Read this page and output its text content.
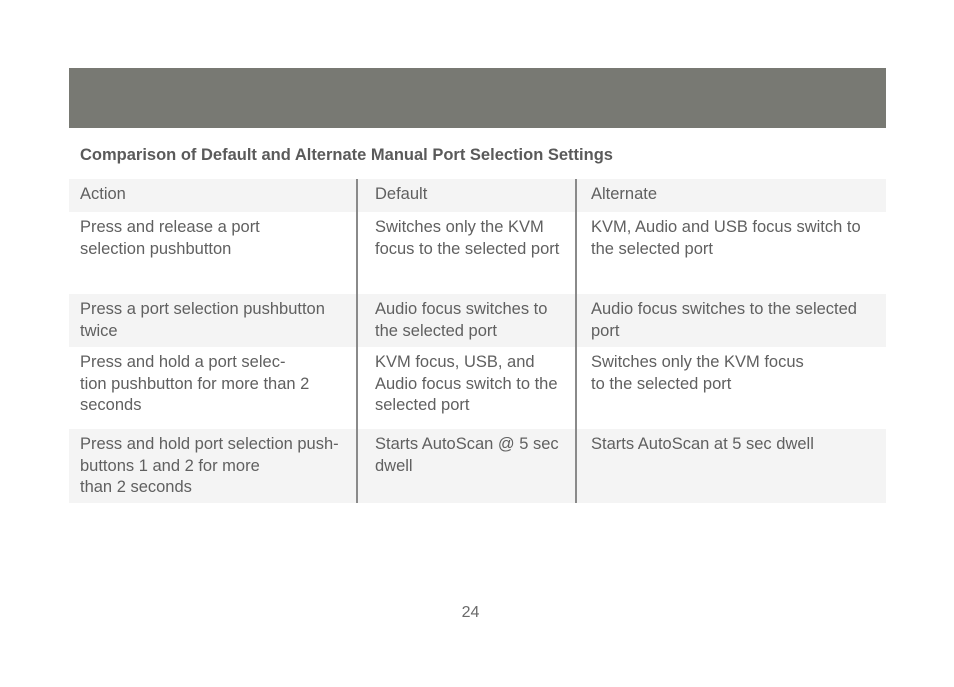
Comparison of Default and Alternate Manual Port Selection Settings
Action	Default	Alternate
Press and release a port
selection pushbutton
Switches only the KVM
focus to the selected port
KVM, Audio and USB focus switch to
the selected port
Press a port selection pushbutton
twice
Audio focus switches to
the selected port
Audio focus switches to the selected
port
Press and hold a port selec-
tion pushbutton for more than 2
seconds
KVM focus, USB, and
Audio focus switch to the
selected port
Switches only the KVM focus
to the selected port
Press and hold port selection push-
buttons 1 and 2 for more
than 2 seconds
Starts AutoScan @ 5 sec
dwell
Starts AutoScan at 5 sec dwell
24
